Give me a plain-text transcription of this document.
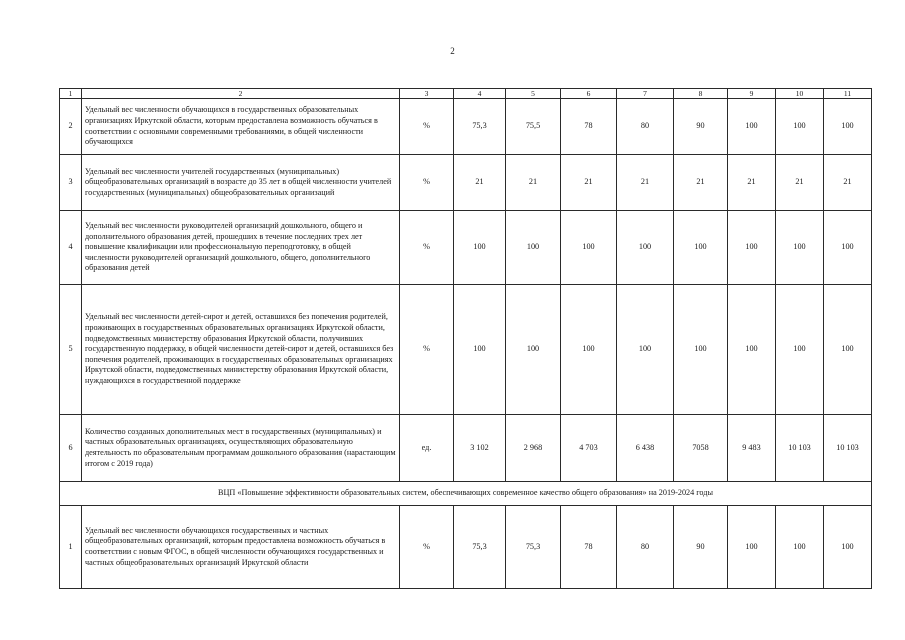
2
1	2	3	4	5	6	7	8	9	10	11
2	Удельный вес численности обучающихся в государственных образовательных организациях Иркутской области, которым предоставлена возможность обучаться в соответствии с основными современными требованиями, в общей численности обучающихся	%	75,3	75,5	78	80	90	100	100	100
3	Удельный вес численности учителей государственных (муниципальных) общеобразовательных организаций в возрасте до 35 лет в общей численности учителей государственных (муниципальных) общеобразовательных организаций	%	21	21	21	21	21	21	21	21
4	Удельный вес численности руководителей организаций дошкольного, общего и дополнительного образования детей, прошедших в течение последних трех лет повышение квалификации или профессиональную переподготовку, в общей численности руководителей организаций дошкольного, общего, дополнительного образования детей	%	100	100	100	100	100	100	100	100
5	Удельный вес численности детей-сирот и детей, оставшихся без попечения родителей, проживающих в государственных образовательных организациях Иркутской области, подведомственных министерству образования Иркутской области, получивших государственную поддержку, в общей численности детей-сирот и детей, оставшихся без попечения родителей, проживающих в государственных образовательных организациях Иркутской области, подведомственных министерству образования Иркутской области, нуждающихся в государственной поддержке	%	100	100	100	100	100	100	100	100
6	Количество созданных дополнительных мест в государственных (муниципальных) и частных образовательных организациях, осуществляющих образовательную деятельность по образовательным программам дошкольного образования (нарастающим итогом с 2019 года)	ед.	3 102	2 968	4 703	6 438	7058	9 483	10 103	10 103
ВЦП «Повышение эффективности образовательных систем, обеспечивающих современное качество общего образования» на 2019-2024 годы										
1	Удельный вес численности обучающихся государственных и частных общеобразовательных организаций, которым предоставлена возможность обучаться в соответствии с новым ФГОС, в общей численности обучающихся государственных и частных общеобразовательных организаций Иркутской области	%	75,3	75,3	78	80	90	100	100	100
